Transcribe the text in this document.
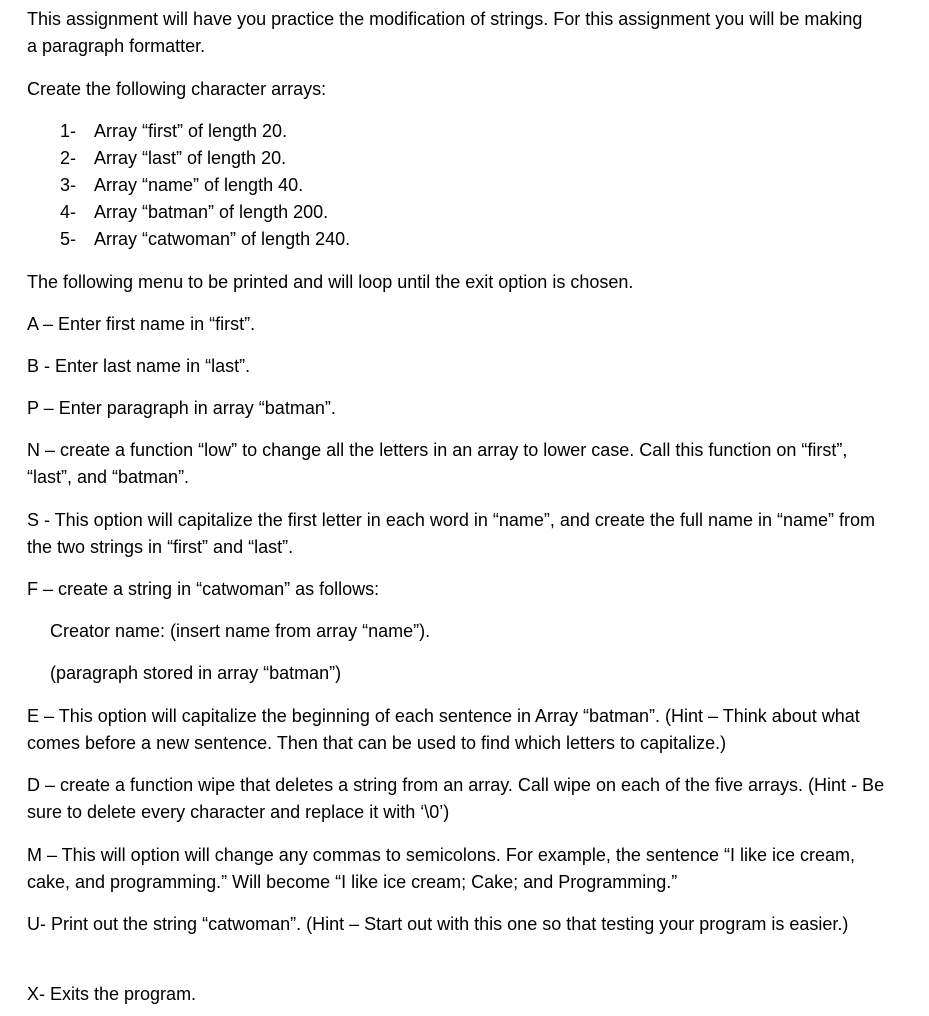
This assignment will have you practice the modification of strings. For this assignment you will be making a paragraph formatter.

Create the following character arrays:

1- Array “first” of length 20.
2- Array “last” of length 20.
3- Array “name” of length 40.
4- Array “batman” of length 200.
5- Array “catwoman” of length 240.

The following menu to be printed and will loop until the exit option is chosen.

A – Enter first name in “first”.

B - Enter last name in “last”.

P – Enter paragraph in array “batman”.

N – create a function “low” to change all the letters in an array to lower case. Call this function on “first”, “last”, and “batman”.

S - This option will capitalize the first letter in each word in “name”, and create the full name in “name” from the two strings in “first” and “last”.

F – create a string in “catwoman” as follows:

Creator name: (insert name from array “name”).

(paragraph stored in array “batman”)

E – This option will capitalize the beginning of each sentence in Array “batman”. (Hint – Think about what comes before a new sentence. Then that can be used to find which letters to capitalize.)

D – create a function wipe that deletes a string from an array. Call wipe on each of the five arrays. (Hint - Be sure to delete every character and replace it with ‘\0’)

M – This will option will change any commas to semicolons. For example, the sentence “I like ice cream, cake, and programming.” Will become “I like ice cream; Cake; and Programming.”

U- Print out the string “catwoman”. (Hint – Start out with this one so that testing your program is easier.)

X- Exits the program.
